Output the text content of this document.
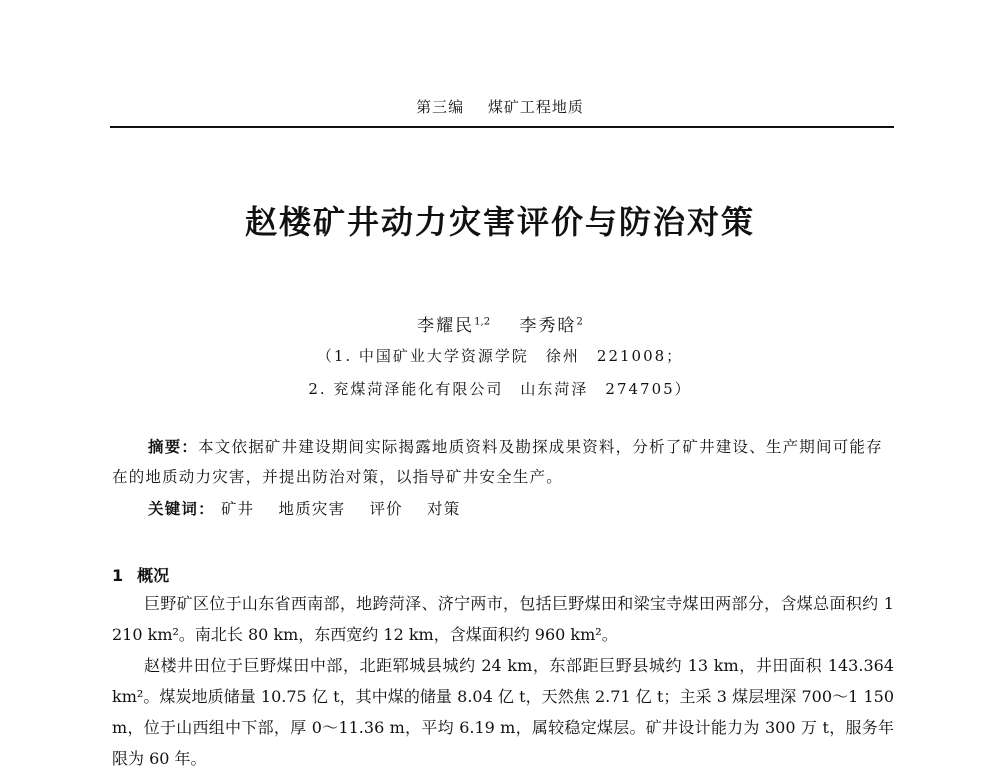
第三编 煤矿工程地质
赵楼矿井动力灾害评价与防治对策
李耀民$^{1,2}$ 李秀晗$^2$
（1. 中国矿业大学资源学院　徐州　221008；
2. 兖煤菏泽能化有限公司　山东菏泽　274705）

摘要：本文依据矿井建设期间实际揭露地质资料及勘探成果资料，分析了矿井建设、生产期间可能存在的地质动力灾害，并提出防治对策，以指导矿井安全生产。

关键词： 矿井 地质灾害 评价 对策
1 概况

巨野矿区位于山东省西南部，地跨菏泽、济宁两市，包括巨野煤田和梁宝寺煤田两部分，含煤总面积约 1 210 km²。南北长 80 km，东西宽约 12 km，含煤面积约 960 km²。

赵楼井田位于巨野煤田中部，北距郓城县城约 24 km，东部距巨野县城约 13 km，井田面积 143.364 km²。煤炭地质储量 10.75 亿 t，其中煤的储量 8.04 亿 t，天然焦 2.71 亿 t；主采 3 煤层埋深 700～1 150 m，位于山西组中下部，厚 0～11.36 m，平均 6.19 m，属较稳定煤层。矿井设计能力为 300 万 t，服务年限为 60 年。
